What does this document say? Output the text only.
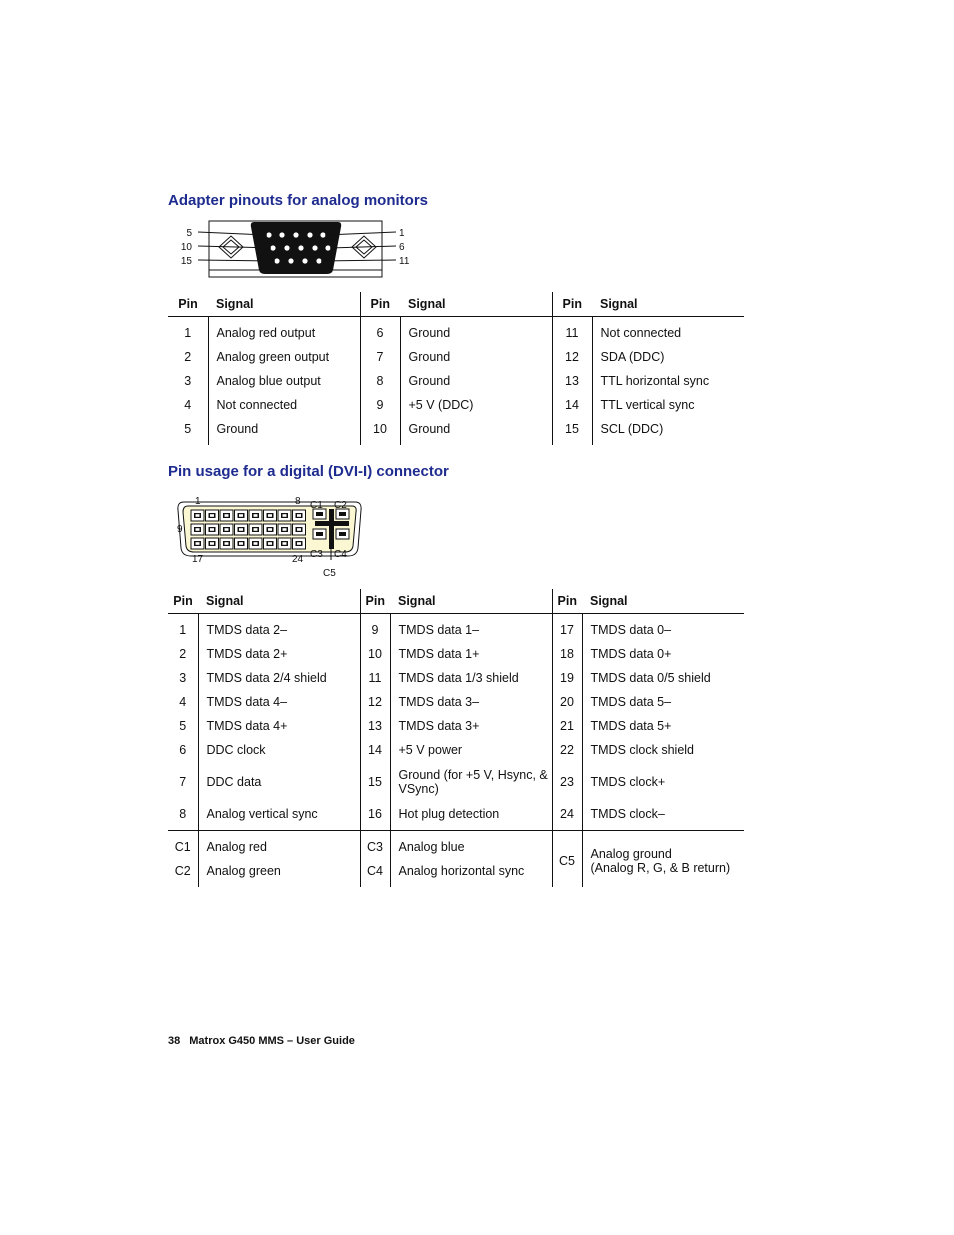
Adapter pinouts for analog monitors
5
10
15
1
6
11
Pin	Signal	Pin	Signal	Pin	Signal
1	Analog red output	6	Ground	11	Not connected
2	Analog green output	7	Ground	12	SDA (DDC)
3	Analog blue output	8	Ground	13	TTL horizontal sync
4	Not connected	9	+5 V (DDC)	14	TTL vertical sync
5	Ground	10	Ground	15	SCL (DDC)
Pin usage for a digital (DVI-I) connector
1	8
9
17	24
C1 C2
C3 C4
C5
Pin	Signal	Pin	Signal	Pin	Signal
1	TMDS data 2–	9	TMDS data 1–	17	TMDS data 0–
2	TMDS data 2+	10	TMDS data 1+	18	TMDS data 0+
3	TMDS data 2/4 shield	11	TMDS data 1/3 shield	19	TMDS data 0/5 shield
4	TMDS data 4–	12	TMDS data 3–	20	TMDS data 5–
5	TMDS data 4+	13	TMDS data 3+	21	TMDS data 5+
6	DDC clock	14	+5 V power	22	TMDS clock shield
7	DDC data	15	Ground (for +5 V, Hsync, & VSync)	23	TMDS clock+
8	Analog vertical sync	16	Hot plug detection	24	TMDS clock–
C1	Analog red	C3	Analog blue	C5	Analog ground
(Analog R, G, & B return)
C2	Analog green	C4	Analog horizontal sync		

38 Matrox G450 MMS – User Guide
